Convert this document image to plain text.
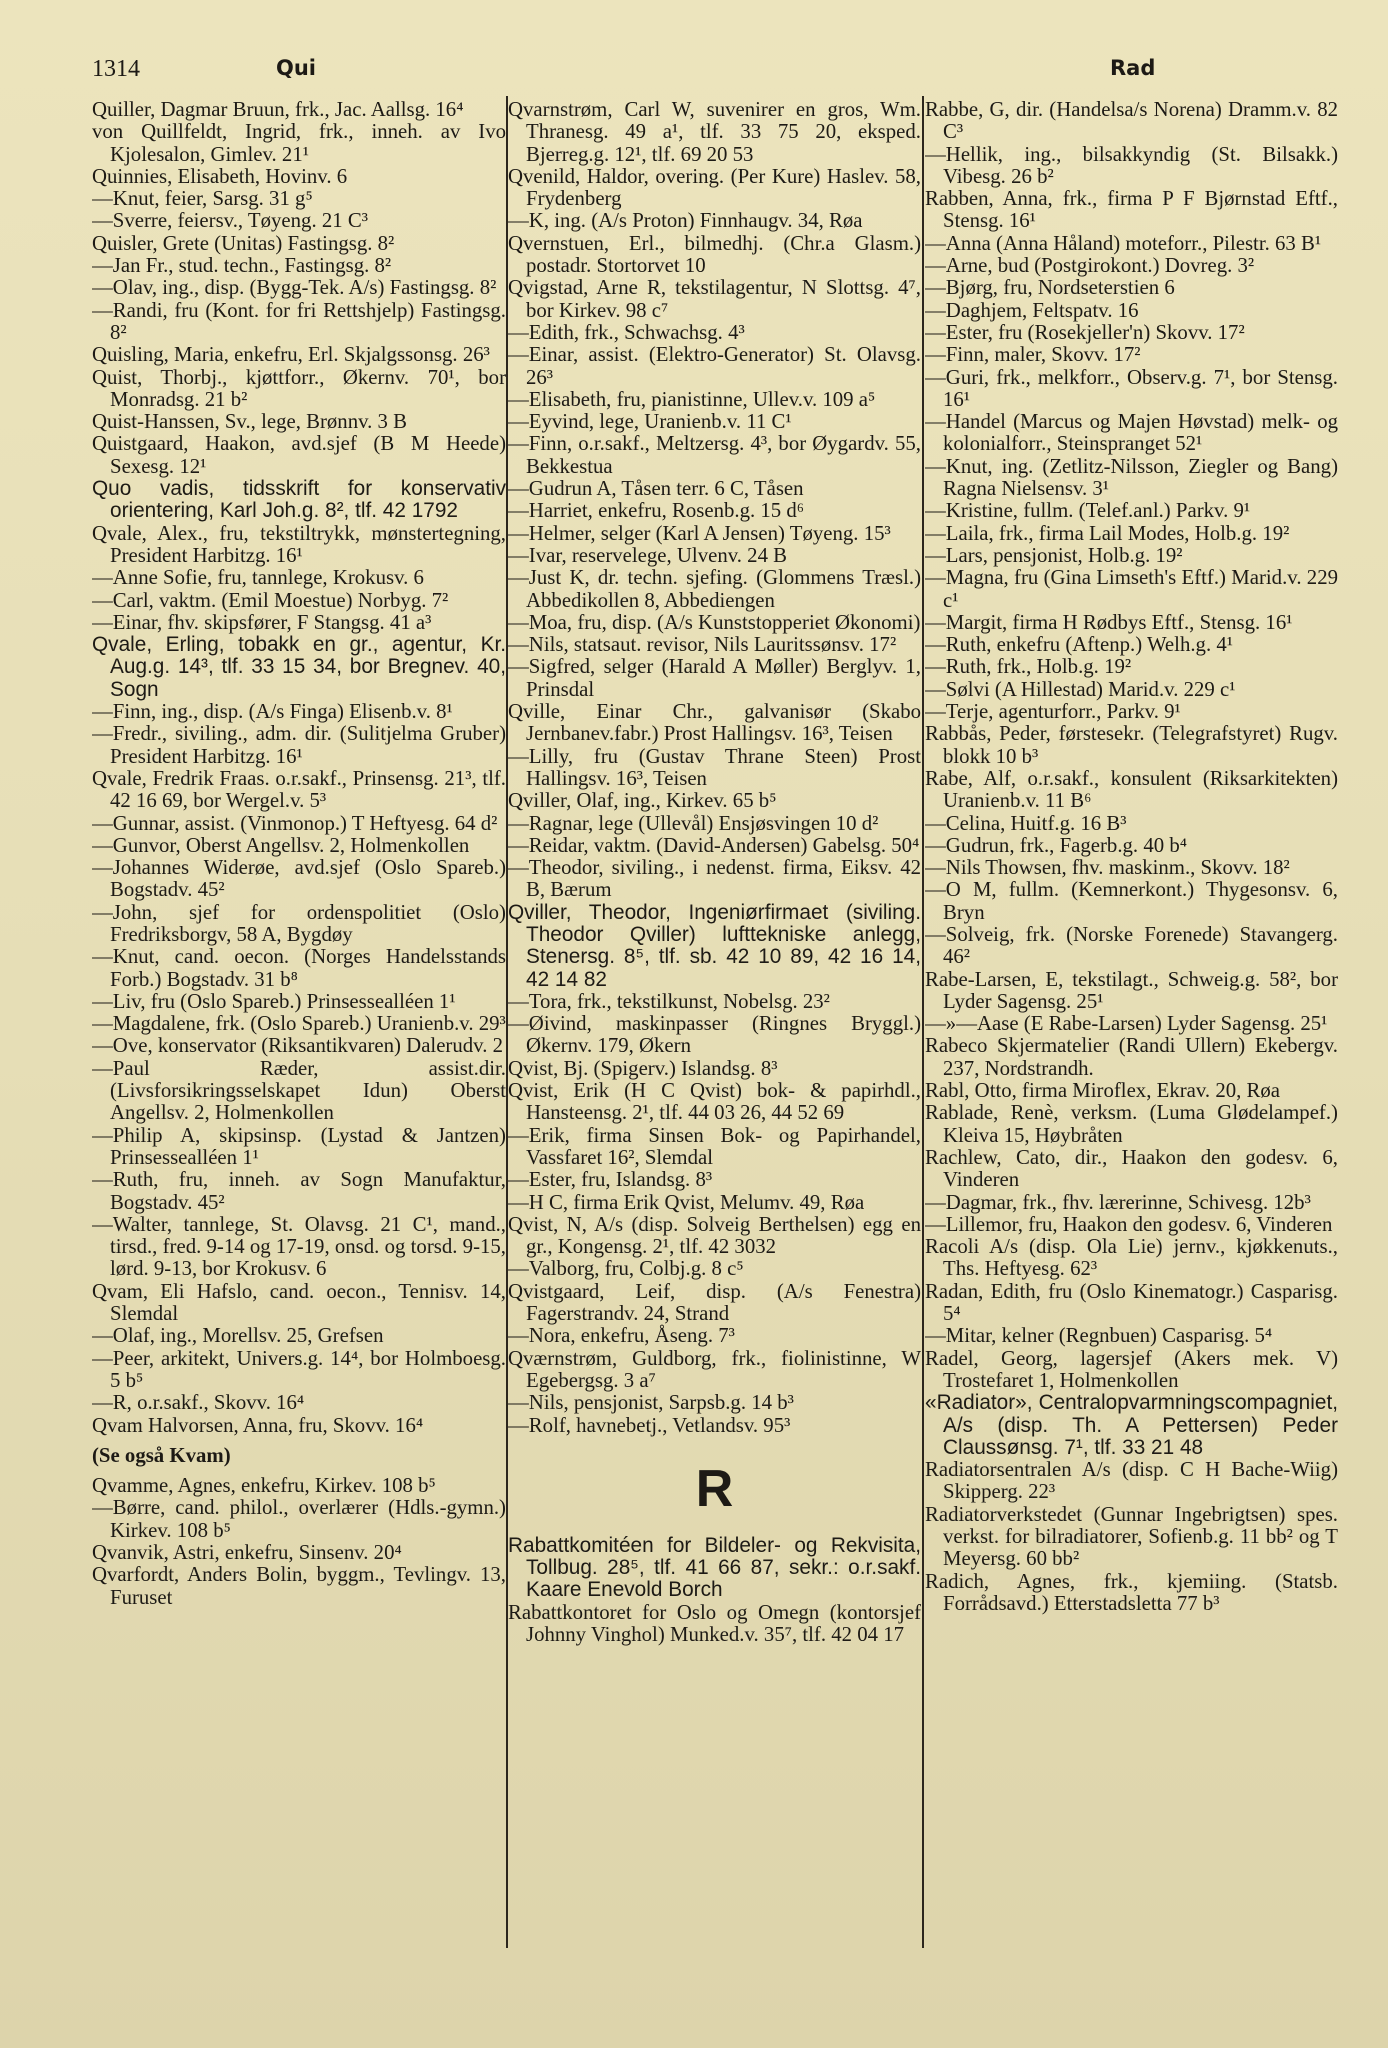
1314	Qui	Rad

Quiller, Dagmar Bruun, frk., Jac. Aallsg. 16⁴

von Quillfeldt, Ingrid, frk., inneh. av Ivo Kjolesalon, Gimlev. 21¹

Quinnies, Elisabeth, Hovinv. 6

—Knut, feier, Sarsg. 31 g⁵

—Sverre, feiersv., Tøyeng. 21 C³

Quisler, Grete (Unitas) Fastingsg. 8²

—Jan Fr., stud. techn., Fastingsg. 8²

—Olav, ing., disp. (Bygg-Tek. A/s) Fastingsg. 8²

—Randi, fru (Kont. for fri Rettshjelp) Fastingsg. 8²

Quisling, Maria, enkefru, Erl. Skjalgssonsg. 26³

Quist, Thorbj., kjøttforr., Økernv. 70¹, bor Monradsg. 21 b²

Quist-Hanssen, Sv., lege, Brønnv. 3 B

Quistgaard, Haakon, avd.sjef (B M Heede) Sexesg. 12¹

Quo vadis, tidsskrift for konservativ orientering, Karl Joh.g. 8², tlf. 42 1792

Qvale, Alex., fru, tekstiltrykk, mønstertegning, President Harbitzg. 16¹

—Anne Sofie, fru, tannlege, Krokusv. 6

—Carl, vaktm. (Emil Moestue) Norbyg. 7²

—Einar, fhv. skipsfører, F Stangsg. 41 a³

Qvale, Erling, tobakk en gr., agentur, Kr. Aug.g. 14³, tlf. 33 15 34, bor Bregnev. 40, Sogn

—Finn, ing., disp. (A/s Finga) Elisenb.v. 8¹

—Fredr., siviling., adm. dir. (Sulitjelma Gruber) President Harbitzg. 16¹

Qvale, Fredrik Fraas. o.r.sakf., Prinsensg. 21³, tlf. 42 16 69, bor Wergel.v. 5³

—Gunnar, assist. (Vinmonop.) T Heftyesg. 64 d²

—Gunvor, Oberst Angellsv. 2, Holmenkollen

—Johannes Widerøe, avd.sjef (Oslo Spareb.) Bogstadv. 45²

—John, sjef for ordenspolitiet (Oslo) Fredriksborgv, 58 A, Bygdøy

—Knut, cand. oecon. (Norges Handelsstands Forb.) Bogstadv. 31 b⁸

—Liv, fru (Oslo Spareb.) Prinsessealléen 1¹

—Magdalene, frk. (Oslo Spareb.) Uranienb.v. 29³

—Ove, konservator (Riksantikvaren) Dalerudv. 2

—Paul Ræder, assist.dir. (Livsforsikringsselskapet Idun) Oberst Angellsv. 2, Holmenkollen

—Philip A, skipsinsp. (Lystad & Jantzen) Prinsessealléen 1¹

—Ruth, fru, inneh. av Sogn Manufaktur, Bogstadv. 45²

—Walter, tannlege, St. Olavsg. 21 C¹, mand., tirsd., fred. 9-14 og 17-19, onsd. og torsd. 9-15, lørd. 9-13, bor Krokusv. 6

Qvam, Eli Hafslo, cand. oecon., Tennisv. 14, Slemdal

—Olaf, ing., Morellsv. 25, Grefsen

—Peer, arkitekt, Univers.g. 14⁴, bor Holmboesg. 5 b⁵

—R, o.r.sakf., Skovv. 16⁴

Qvam Halvorsen, Anna, fru, Skovv. 16⁴

(Se også Kvam)

Qvamme, Agnes, enkefru, Kirkev. 108 b⁵

—Børre, cand. philol., overlærer (Hdls.-gymn.) Kirkev. 108 b⁵

Qvanvik, Astri, enkefru, Sinsenv. 20⁴

Qvarfordt, Anders Bolin, byggm., Tevlingv. 13, Furuset

Qvarnstrøm, Carl W, suvenirer en gros, Wm. Thranesg. 49 a¹, tlf. 33 75 20, eksped. Bjerreg.g. 12¹, tlf. 69 20 53

Qvenild, Haldor, overing. (Per Kure) Haslev. 58, Frydenberg

—K, ing. (A/s Proton) Finnhaugv. 34, Røa

Qvernstuen, Erl., bilmedhj. (Chr.a Glasm.) postadr. Stortorvet 10

Qvigstad, Arne R, tekstilagentur, N Slottsg. 4⁷, bor Kirkev. 98 c⁷

—Edith, frk., Schwachsg. 4³

—Einar, assist. (Elektro-Generator) St. Olavsg. 26³

—Elisabeth, fru, pianistinne, Ullev.v. 109 a⁵

—Eyvind, lege, Uranienb.v. 11 C¹

—Finn, o.r.sakf., Meltzersg. 4³, bor Øygardv. 55, Bekkestua

—Gudrun A, Tåsen terr. 6 C, Tåsen

—Harriet, enkefru, Rosenb.g. 15 d⁶

—Helmer, selger (Karl A Jensen) Tøyeng. 15³

—Ivar, reservelege, Ulvenv. 24 B

—Just K, dr. techn. sjefing. (Glommens Træsl.) Abbedikollen 8, Abbediengen

—Moa, fru, disp. (A/s Kunststopperiet Økonomi)

—Nils, statsaut. revisor, Nils Lauritssønsv. 17²

—Sigfred, selger (Harald A Møller) Berglyv. 1, Prinsdal

Qville, Einar Chr., galvanisør (Skabo Jernbanev.fabr.) Prost Hallingsv. 16³, Teisen

—Lilly, fru (Gustav Thrane Steen) Prost Hallingsv. 16³, Teisen

Qviller, Olaf, ing., Kirkev. 65 b⁵

—Ragnar, lege (Ullevål) Ensjøsvingen 10 d²

—Reidar, vaktm. (David-Andersen) Gabelsg. 50⁴

—Theodor, siviling., i nedenst. firma, Eiksv. 42 B, Bærum

Qviller, Theodor, Ingeniørfirmaet (siviling. Theodor Qviller) lufttekniske anlegg, Stenersg. 8⁵, tlf. sb. 42 10 89, 42 16 14, 42 14 82

—Tora, frk., tekstilkunst, Nobelsg. 23²

—Øivind, maskinpasser (Ringnes Bryggl.) Økernv. 179, Økern

Qvist, Bj. (Spigerv.) Islandsg. 8³

Qvist, Erik (H C Qvist) bok- & papirhdl., Hansteensg. 2¹, tlf. 44 03 26, 44 52 69

—Erik, firma Sinsen Bok- og Papirhandel, Vassfaret 16², Slemdal

—Ester, fru, Islandsg. 8³

—H C, firma Erik Qvist, Melumv. 49, Røa

Qvist, N, A/s (disp. Solveig Berthelsen) egg en gr., Kongensg. 2¹, tlf. 42 3032

—Valborg, fru, Colbj.g. 8 c⁵

Qvistgaard, Leif, disp. (A/s Fenestra) Fagerstrandv. 24, Strand

—Nora, enkefru, Åseng. 7³

Qværnstrøm, Guldborg, frk., fiolinistinne, W Egebergsg. 3 a⁷

—Nils, pensjonist, Sarpsb.g. 14 b³

—Rolf, havnebetj., Vetlandsv. 95³

R

Rabattkomitéen for Bildeler- og Rekvisita, Tollbug. 28⁵, tlf. 41 66 87, sekr.: o.r.sakf. Kaare Enevold Borch

Rabattkontoret for Oslo og Omegn (kontorsjef Johnny Vinghol) Munked.v. 35⁷, tlf. 42 04 17

Rabbe, G, dir. (Handelsa/s Norena) Dramm.v. 82 C³

—Hellik, ing., bilsakkyndig (St. Bilsakk.) Vibesg. 26 b²

Rabben, Anna, frk., firma P F Bjørnstad Eftf., Stensg. 16¹

—Anna (Anna Håland) moteforr., Pilestr. 63 B¹

—Arne, bud (Postgirokont.) Dovreg. 3²

—Bjørg, fru, Nordseterstien 6

—Daghjem, Feltspatv. 16

—Ester, fru (Rosekjeller'n) Skovv. 17²

—Finn, maler, Skovv. 17²

—Guri, frk., melkforr., Observ.g. 7¹, bor Stensg. 16¹

—Handel (Marcus og Majen Høvstad) melk- og kolonialforr., Steinspranget 52¹

—Knut, ing. (Zetlitz-Nilsson, Ziegler og Bang) Ragna Nielsensv. 3¹

—Kristine, fullm. (Telef.anl.) Parkv. 9¹

—Laila, frk., firma Lail Modes, Holb.g. 19²

—Lars, pensjonist, Holb.g. 19²

—Magna, fru (Gina Limseth's Eftf.) Marid.v. 229 c¹

—Margit, firma H Rødbys Eftf., Stensg. 16¹

—Ruth, enkefru (Aftenp.) Welh.g. 4¹

—Ruth, frk., Holb.g. 19²

—Sølvi (A Hillestad) Marid.v. 229 c¹

—Terje, agenturforr., Parkv. 9¹

Rabbås, Peder, førstesekr. (Telegrafstyret) Rugv. blokk 10 b³

Rabe, Alf, o.r.sakf., konsulent (Riksarkitekten) Uranienb.v. 11 B⁶

—Celina, Huitf.g. 16 B³

—Gudrun, frk., Fagerb.g. 40 b⁴

—Nils Thowsen, fhv. maskinm., Skovv. 18²

—O M, fullm. (Kemnerkont.) Thygesonsv. 6, Bryn

—Solveig, frk. (Norske Forenede) Stavangerg. 46²

Rabe-Larsen, E, tekstilagt., Schweig.g. 58², bor Lyder Sagensg. 25¹

—»—Aase (E Rabe-Larsen) Lyder Sagensg. 25¹

Rabeco Skjermatelier (Randi Ullern) Ekebergv. 237, Nordstrandh.

Rabl, Otto, firma Miroflex, Ekrav. 20, Røa

Rablade, Renè, verksm. (Luma Glødelampef.) Kleiva 15, Høybråten

Rachlew, Cato, dir., Haakon den godesv. 6, Vinderen

—Dagmar, frk., fhv. lærerinne, Schivesg. 12b³

—Lillemor, fru, Haakon den godesv. 6, Vinderen

Racoli A/s (disp. Ola Lie) jernv., kjøkkenuts., Ths. Heftyesg. 62³

Radan, Edith, fru (Oslo Kinematogr.) Casparisg. 5⁴

—Mitar, kelner (Regnbuen) Casparisg. 5⁴

Radel, Georg, lagersjef (Akers mek. V) Trostefaret 1, Holmenkollen

«Radiator», Centralopvarmningscompagniet, A/s (disp. Th. A Pettersen) Peder Claussønsg. 7¹, tlf. 33 21 48

Radiatorsentralen A/s (disp. C H Bache-Wiig) Skipperg. 22³

Radiatorverkstedet (Gunnar Ingebrigtsen) spes. verkst. for bilradiatorer, Sofienb.g. 11 bb² og T Meyersg. 60 bb²

Radich, Agnes, frk., kjemiing. (Statsb. Forrådsavd.) Etterstadsletta 77 b³
